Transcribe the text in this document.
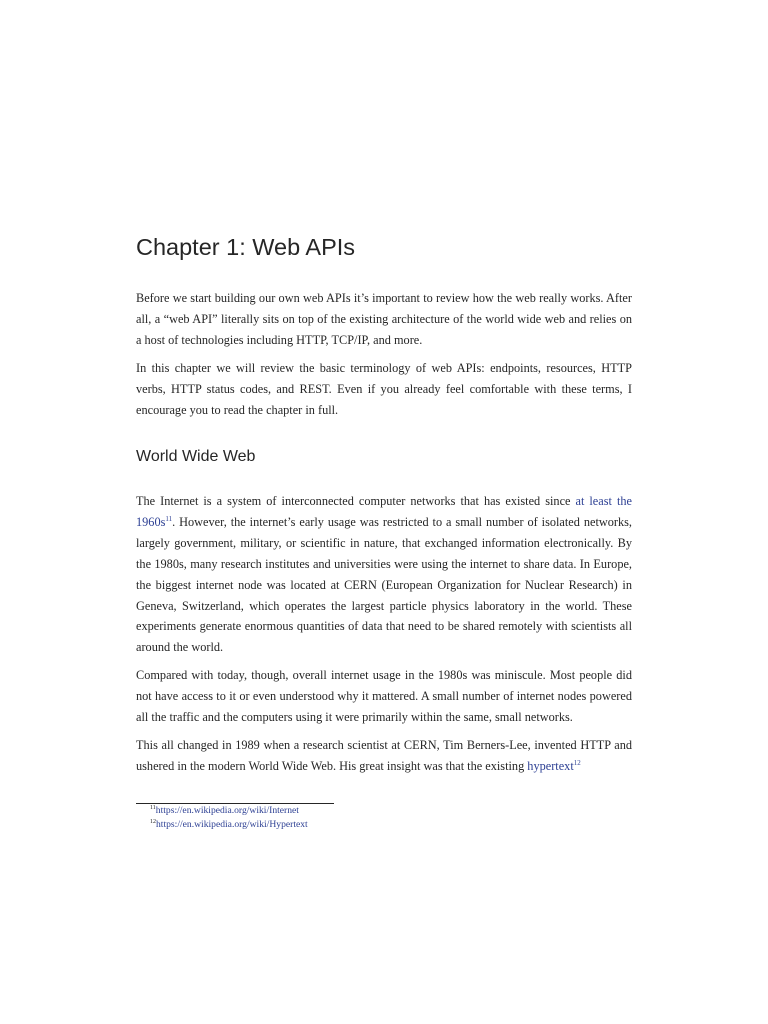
Chapter 1: Web APIs

Before we start building our own web APIs it’s important to review how the web really works. After all, a “web API” literally sits on top of the existing architecture of the world wide web and relies on a host of technologies including HTTP, TCP/IP, and more.

In this chapter we will review the basic terminology of web APIs: endpoints, resources, HTTP verbs, HTTP status codes, and REST. Even if you already feel comfortable with these terms, I encourage you to read the chapter in full.

World Wide Web

The Internet is a system of interconnected computer networks that has existed since at least the 1960s$^{11}$. However, the internet’s early usage was restricted to a small number of isolated networks, largely government, military, or scientific in nature, that exchanged information electronically. By the 1980s, many research institutes and universities were using the internet to share data. In Europe, the biggest internet node was located at CERN (European Organization for Nuclear Research) in Geneva, Switzerland, which operates the largest particle physics laboratory in the world. These experiments generate enormous quantities of data that need to be shared remotely with scientists all around the world.

Compared with today, though, overall internet usage in the 1980s was miniscule. Most people did not have access to it or even understood why it mattered. A small number of internet nodes powered all the traffic and the computers using it were primarily within the same, small networks.

This all changed in 1989 when a research scientist at CERN, Tim Berners-Lee, invented HTTP and ushered in the modern World Wide Web. His great insight was that the existing hypertext$^{12}$

$^{11}$https://en.wikipedia.org/wiki/Internet
$^{12}$https://en.wikipedia.org/wiki/Hypertext
